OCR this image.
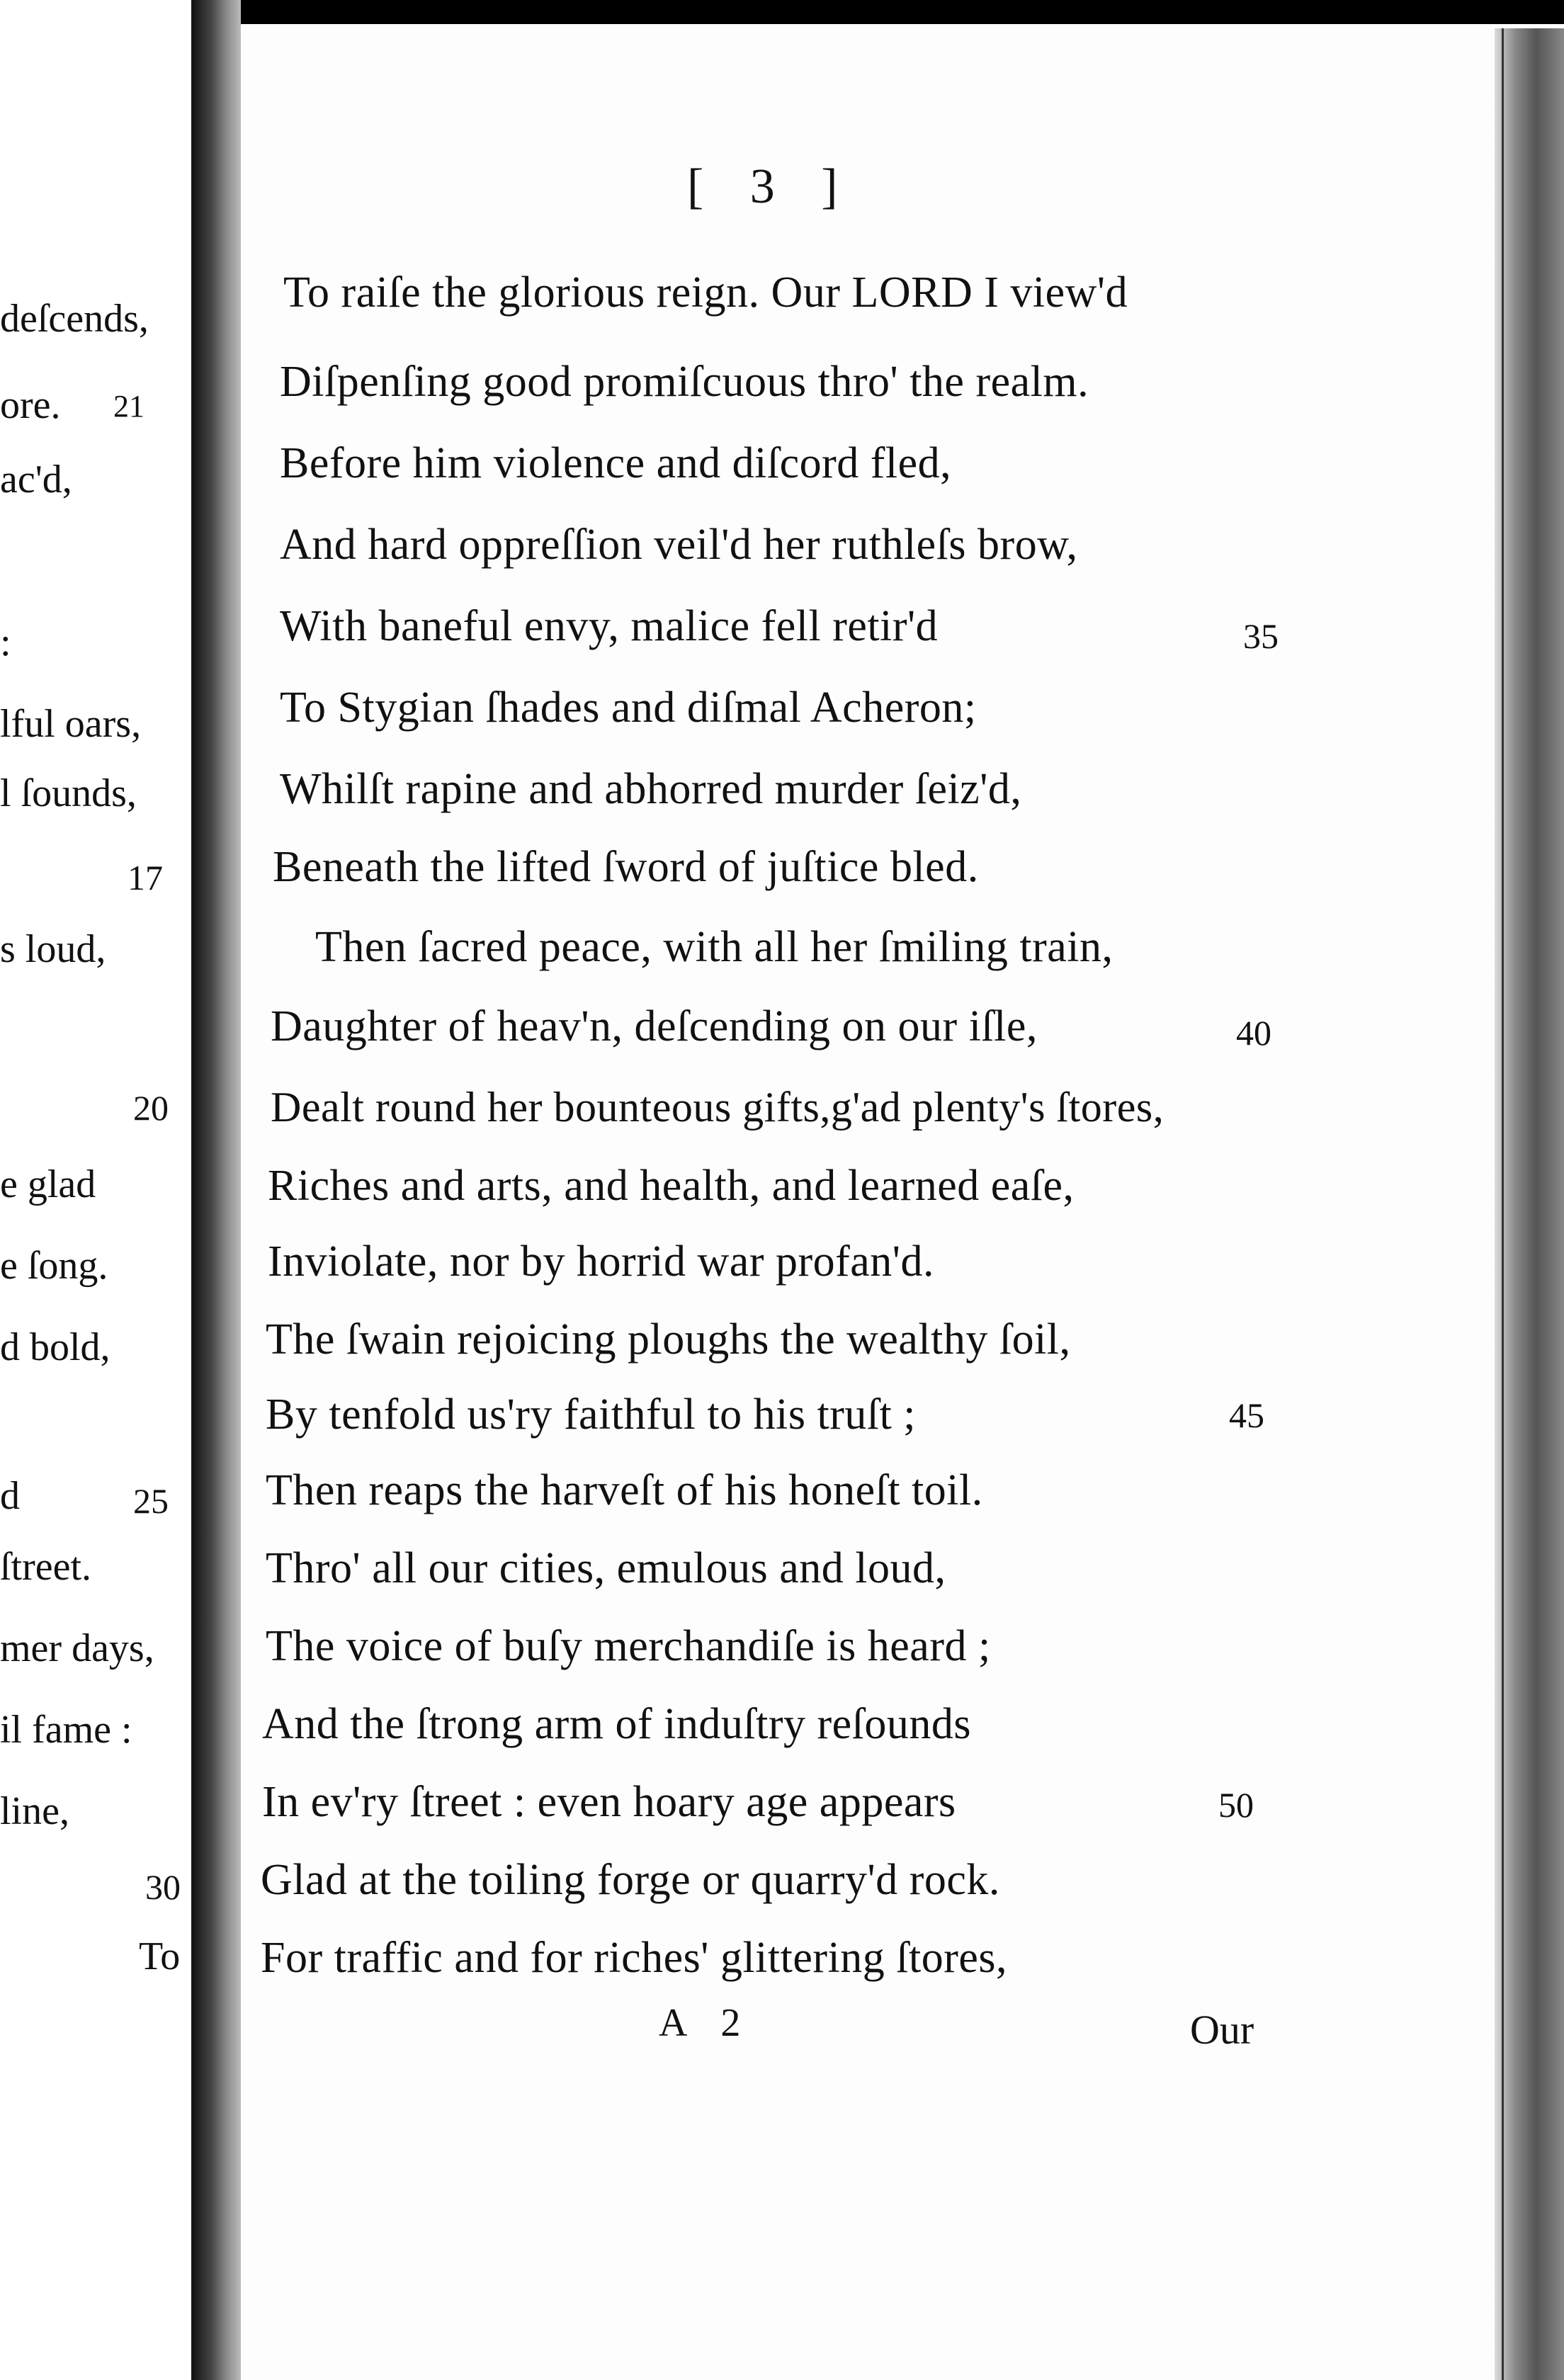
deſcends,
ore. 21
ac'd,
:
lful oars,
l ſounds,
17
s loud,
20
e glad
e ſong.
d bold,
d	25
ſtreet.
mer days,
il fame :
line,
30
To
[ 3 ]
To raiſe the glorious reign. Our LORD I view'd
Diſpenſing good promiſcuous thro' the realm.
Before him violence and diſcord fled,
And hard oppreſſion veil'd her ruthleſs brow,
With baneful envy, malice fell retir'd	35
To Stygian ſhades and diſmal Acheron;
Whilſt rapine and abhorred murder ſeiz'd,
Beneath the lifted ſword of juſtice bled.
Then ſacred peace, with all her ſmiling train,
Daughter of heav'n, deſcending on our iſle,	40
Dealt round her bounteous gifts,g'ad plenty's ſtores,
Riches and arts, and health, and learned eaſe,
Inviolate, nor by horrid war profan'd.
The ſwain rejoicing ploughs the wealthy ſoil,
By tenfold us'ry faithful to his truſt ;	45
Then reaps the harveſt of his honeſt toil.
Thro' all our cities, emulous and loud,
The voice of buſy merchandiſe is heard ;
And the ſtrong arm of induſtry reſounds
In ev'ry ſtreet : even hoary age appears	50
Glad at the toiling forge or quarry'd rock.
For traffic and for riches' glittering ſtores,
A 2	Our
